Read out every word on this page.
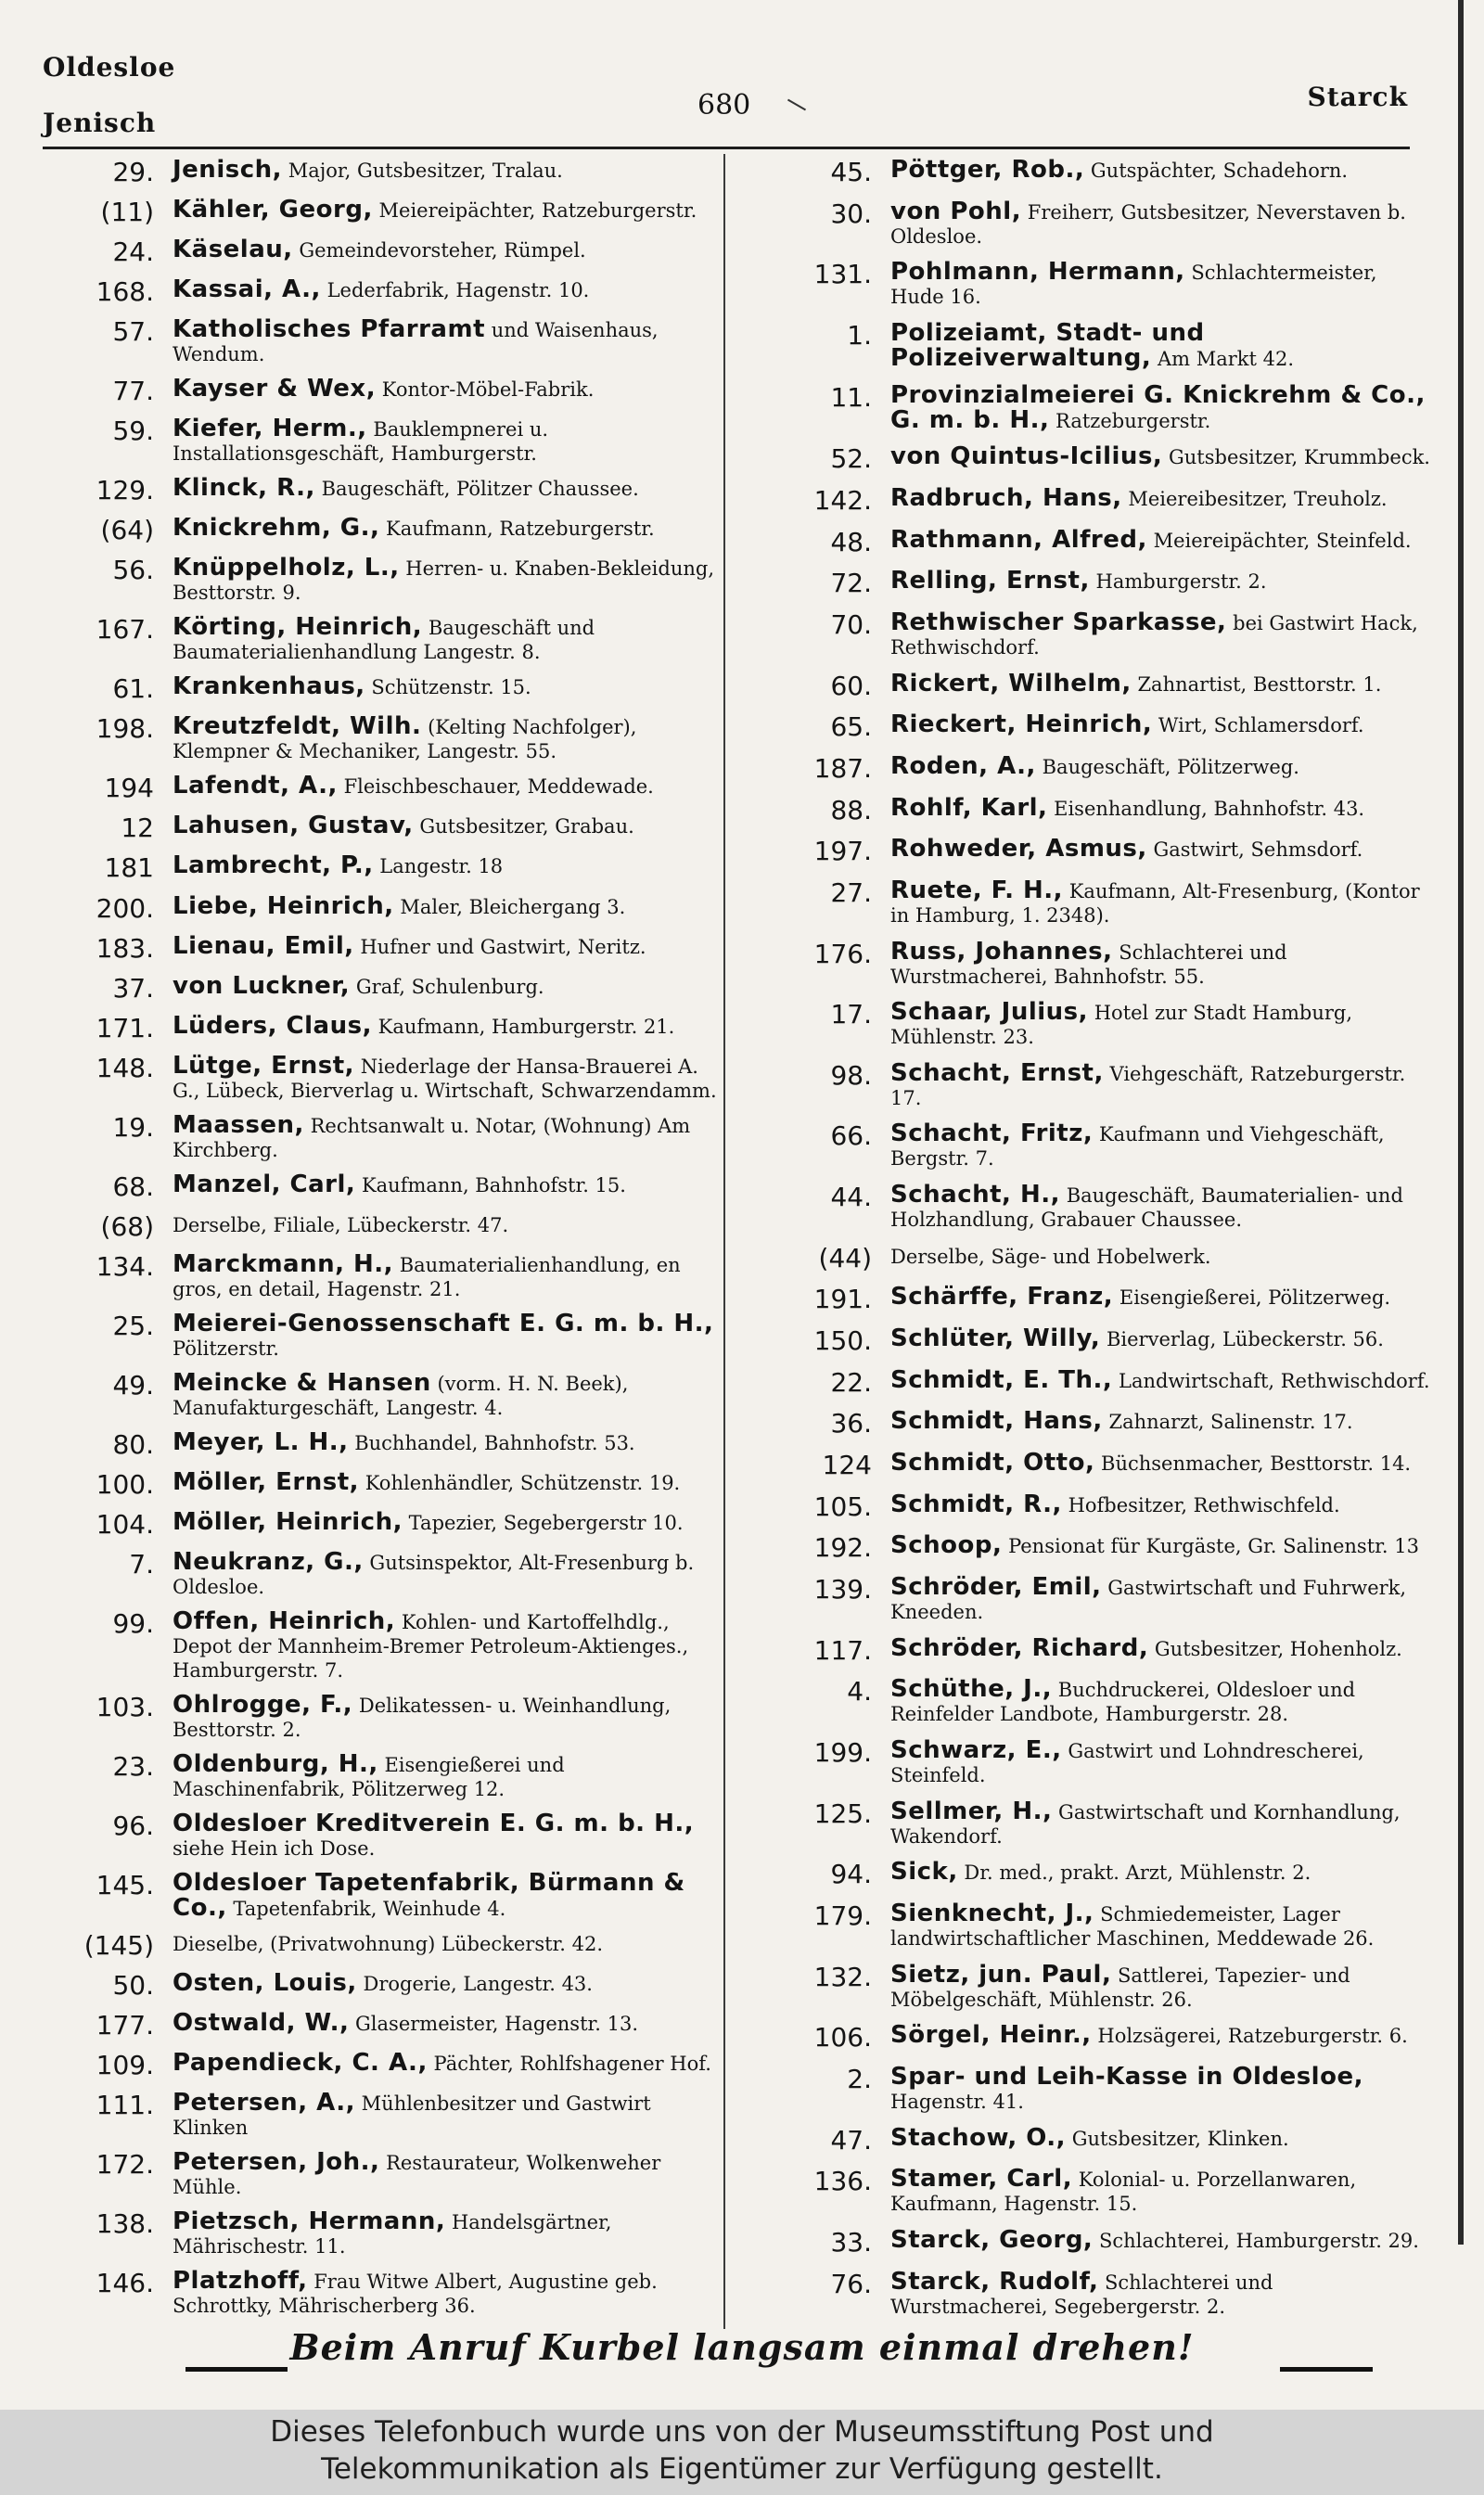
Oldesloe
Jenisch
680	Starck
29. Jenisch, Major, Gutsbesitzer, Tralau.
(11) Kähler, Georg, Meiereipächter, Ratzeburgerstr.
24. Käselau, Gemeindevorsteher, Rümpel.
168. Kassai, A., Lederfabrik, Hagenstr. 10.
57. Katholisches Pfarramt und Waisenhaus, Wendum.
77. Kayser & Wex, Kontor-Möbel-Fabrik.
59. Kiefer, Herm., Bauklempnerei u. Installationsgeschäft, Hamburgerstr.
129. Klinck, R., Baugeschäft, Pölitzer Chaussee.
(64) Knickrehm, G., Kaufmann, Ratzeburgerstr.
56. Knüppelholz, L., Herren- u. Knaben-Bekleidung, Besttorstr. 9.
167. Körting, Heinrich, Baugeschäft und Baumaterialienhandlung Langestr. 8.
61. Krankenhaus, Schützenstr. 15.
198. Kreutzfeldt, Wilh. (Kelting Nachfolger), Klempner & Mechaniker, Langestr. 55.
194 Lafendt, A., Fleischbeschauer, Meddewade.
12 Lahusen, Gustav, Gutsbesitzer, Grabau.
181 Lambrecht, P., Langestr. 18
200. Liebe, Heinrich, Maler, Bleichergang 3.
183. Lienau, Emil, Hufner und Gastwirt, Neritz.
37. von Luckner, Graf, Schulenburg.
171. Lüders, Claus, Kaufmann, Hamburgerstr. 21.
148. Lütge, Ernst, Niederlage der Hansa-Brauerei A. G., Lübeck, Bierverlag u. Wirtschaft, Schwarzendamm.
19. Maassen, Rechtsanwalt u. Notar, (Wohnung) Am Kirchberg.
68. Manzel, Carl, Kaufmann, Bahnhofstr. 15.
(68) Derselbe, Filiale, Lübeckerstr. 47.
134. Marckmann, H., Baumaterialienhandlung, en gros, en detail, Hagenstr. 21.
25. Meierei-Genossenschaft E. G. m. b. H., Pölitzerstr.
49. Meincke & Hansen (vorm. H. N. Beek), Manufakturgeschäft, Langestr. 4.
80. Meyer, L. H., Buchhandel, Bahnhofstr. 53.
100. Möller, Ernst, Kohlenhändler, Schützenstr. 19.
104. Möller, Heinrich, Tapezier, Segebergerstr 10.
7. Neukranz, G., Gutsinspektor, Alt-Fresenburg b. Oldesloe.
99. Offen, Heinrich, Kohlen- und Kartoffelhdlg., Depot der Mannheim-Bremer Petroleum-Aktienges., Hamburgerstr. 7.
103. Ohlrogge, F., Delikatessen- u. Weinhandlung, Besttorstr. 2.
23. Oldenburg, H., Eisengießerei und Maschinenfabrik, Pölitzerweg 12.
96. Oldesloer Kreditverein E. G. m. b. H., siehe Hein ich Dose.
145. Oldesloer Tapetenfabrik, Bürmann & Co., Tapetenfabrik, Weinhude 4.
(145) Dieselbe, (Privatwohnung) Lübeckerstr. 42.
50. Osten, Louis, Drogerie, Langestr. 43.
177. Ostwald, W., Glasermeister, Hagenstr. 13.
109. Papendieck, C. A., Pächter, Rohlfshagener Hof.
111. Petersen, A., Mühlenbesitzer und Gastwirt Klinken
172. Petersen, Joh., Restaurateur, Wolkenweher Mühle.
138. Pietzsch, Hermann, Handelsgärtner, Mährischestr. 11.
146. Platzhoff, Frau Witwe Albert, Augustine geb. Schrottky, Mährischerberg 36.
45. Pöttger, Rob., Gutspächter, Schadehorn.
30. von Pohl, Freiherr, Gutsbesitzer, Neverstaven b. Oldesloe.
131. Pohlmann, Hermann, Schlachtermeister, Hude 16.
1. Polizeiamt, Stadt- und Polizeiverwaltung, Am Markt 42.
11. Provinzialmeierei G. Knickrehm & Co., G. m. b. H., Ratzeburgerstr.
52. von Quintus-Icilius, Gutsbesitzer, Krummbeck.
142. Radbruch, Hans, Meiereibesitzer, Treuholz.
48. Rathmann, Alfred, Meiereipächter, Steinfeld.
72. Relling, Ernst, Hamburgerstr. 2.
70. Rethwischer Sparkasse, bei Gastwirt Hack, Rethwischdorf.
60. Rickert, Wilhelm, Zahnartist, Besttorstr. 1.
65. Rieckert, Heinrich, Wirt, Schlamersdorf.
187. Roden, A., Baugeschäft, Pölitzerweg.
88. Rohlf, Karl, Eisenhandlung, Bahnhofstr. 43.
197. Rohweder, Asmus, Gastwirt, Sehmsdorf.
27. Ruete, F. H., Kaufmann, Alt-Fresenburg, (Kontor in Hamburg, 1. 2348).
176. Russ, Johannes, Schlachterei und Wurstmacherei, Bahnhofstr. 55.
17. Schaar, Julius, Hotel zur Stadt Hamburg, Mühlenstr. 23.
98. Schacht, Ernst, Viehgeschäft, Ratzeburgerstr. 17.
66. Schacht, Fritz, Kaufmann und Viehgeschäft, Bergstr. 7.
44. Schacht, H., Baugeschäft, Baumaterialien- und Holzhandlung, Grabauer Chaussee.
(44) Derselbe, Säge- und Hobelwerk.
191. Schärffe, Franz, Eisengießerei, Pölitzerweg.
150. Schlüter, Willy, Bierverlag, Lübeckerstr. 56.
22. Schmidt, E. Th., Landwirtschaft, Rethwischdorf.
36. Schmidt, Hans, Zahnarzt, Salinenstr. 17.
124 Schmidt, Otto, Büchsenmacher, Besttorstr. 14.
105. Schmidt, R., Hofbesitzer, Rethwischfeld.
192. Schoop, Pensionat für Kurgäste, Gr. Salinenstr. 13
139. Schröder, Emil, Gastwirtschaft und Fuhrwerk, Kneeden.
117. Schröder, Richard, Gutsbesitzer, Hohenholz.
4. Schüthe, J., Buchdruckerei, Oldesloer und Reinfelder Landbote, Hamburgerstr. 28.
199. Schwarz, E., Gastwirt und Lohndrescherei, Steinfeld.
125. Sellmer, H., Gastwirtschaft und Kornhandlung, Wakendorf.
94. Sick, Dr. med., prakt. Arzt, Mühlenstr. 2.
179. Sienknecht, J., Schmiedemeister, Lager landwirtschaftlicher Maschinen, Meddewade 26.
132. Sietz, jun. Paul, Sattlerei, Tapezier- und Möbelgeschäft, Mühlenstr. 26.
106. Sörgel, Heinr., Holzsägerei, Ratzeburgerstr. 6.
2. Spar- und Leih-Kasse in Oldesloe, Hagenstr. 41.
47. Stachow, O., Gutsbesitzer, Klinken.
136. Stamer, Carl, Kolonial- u. Porzellanwaren, Kaufmann, Hagenstr. 15.
33. Starck, Georg, Schlachterei, Hamburgerstr. 29.
76. Starck, Rudolf, Schlachterei und Wurstmacherei, Segebergerstr. 2.
Beim Anruf Kurbel langsam einmal drehen!
Dieses Telefonbuch wurde uns von der Museumsstiftung Post und
Telekommunikation als Eigentümer zur Verfügung gestellt.
